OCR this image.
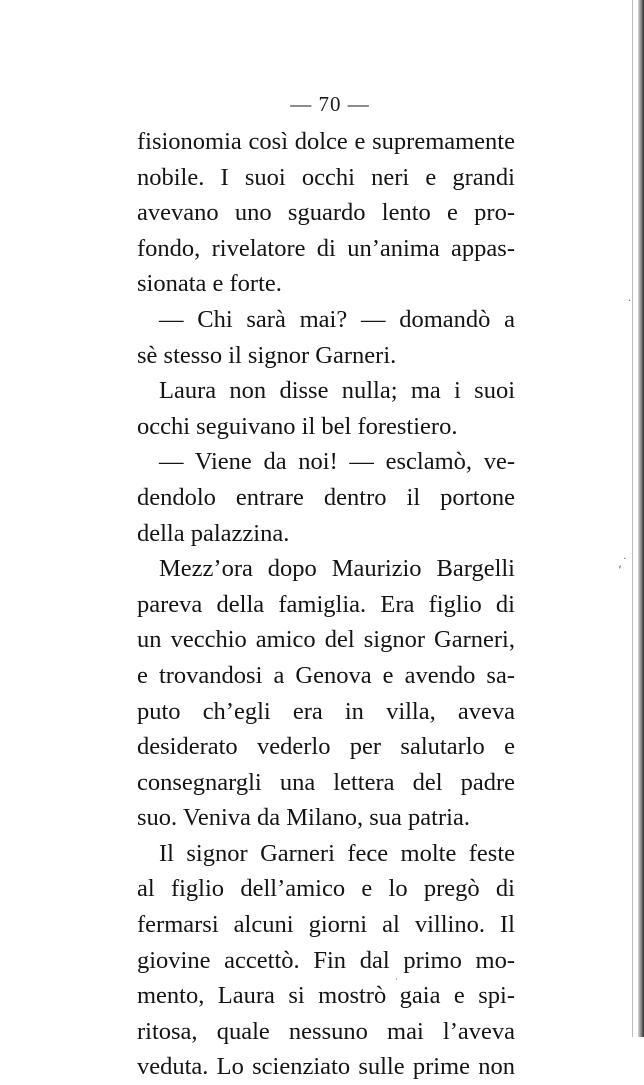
— 70 —
fisionomia così dolce e supremamente
nobile. I suoi occhi neri e grandi
avevano uno sguardo lento e pro-
fondo, rivelatore di un’anima appas-
sionata e forte.
— Chi sarà mai? — domandò a
sè stesso il signor Garneri.
Laura non disse nulla; ma i suoi
occhi seguivano il bel forestiero.
— Viene da noi! — esclamò, ve-
dendolo entrare dentro il portone
della palazzina.
Mezz’ora dopo Maurizio Bargelli
pareva della famiglia. Era figlio di
un vecchio amico del signor Garneri,
e trovandosi a Genova e avendo sa-
puto ch’egli era in villa, aveva
desiderato vederlo per salutarlo e
consegnargli una lettera del padre
suo. Veniva da Milano, sua patria.
Il signor Garneri fece molte feste
al figlio dell’amico e lo pregò di
fermarsi alcuni giorni al villino. Il
giovine accettò. Fin dal primo mo-
mento, Laura si mostrò gaia e spi-
ritosa, quale nessuno mai l’aveva
veduta. Lo scienziato sulle prime non
·
‚˙
·
